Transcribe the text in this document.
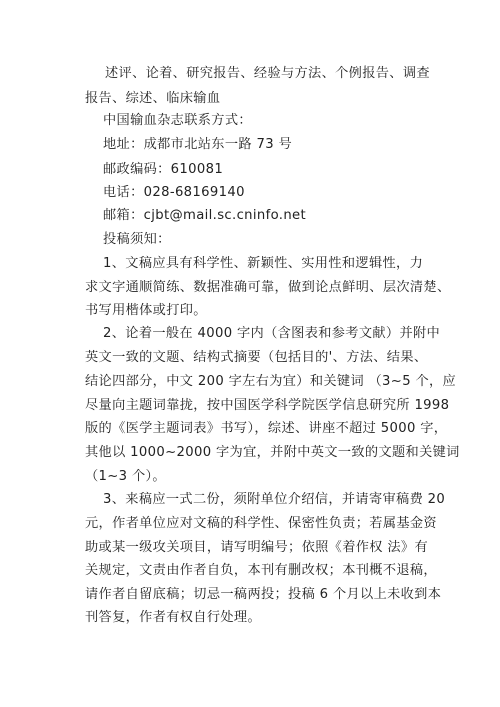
述评、论着、研究报告、经验与方法、个例报告、调查
报告、综述、临床输血
中国输血杂志联系方式：
地址：成都市北站东一路 73 号
邮政编码：610081
电话：028-68169140
邮箱：cjbt@mail.sc.cninfo.net
投稿须知：
1、文稿应具有科学性、新颖性、实用性和逻辑性，力
求文字通顺简练、数据准确可靠，做到论点鲜明、层次清楚、
书写用楷体或打印。
2、论着一般在 4000 字内（含图表和参考文献）并附中
英文一致的文题、结构式摘要（包括目的'、方法、结果、
结论四部分，中文 200 字左右为宜）和关键词 （3~5 个，应
尽量向主题词靠拢，按中国医学科学院医学信息研究所 1998
版的《医学主题词表》书写），综述、讲座不超过 5000 字，
其他以 1000~2000 字为宜，并附中英文一致的文题和关键词
（1~3 个）。
3、来稿应一式二份，须附单位介绍信，并请寄审稿费 20
元，作者单位应对文稿的科学性、保密性负责；若属基金资
助或某一级攻关项目，请写明编号；依照《着作权 法》有
关规定，文责由作者自负，本刊有删改权；本刊概不退稿，
请作者自留底稿；切忌一稿两投；投稿 6 个月以上未收到本
刊答复，作者有权自行处理。
